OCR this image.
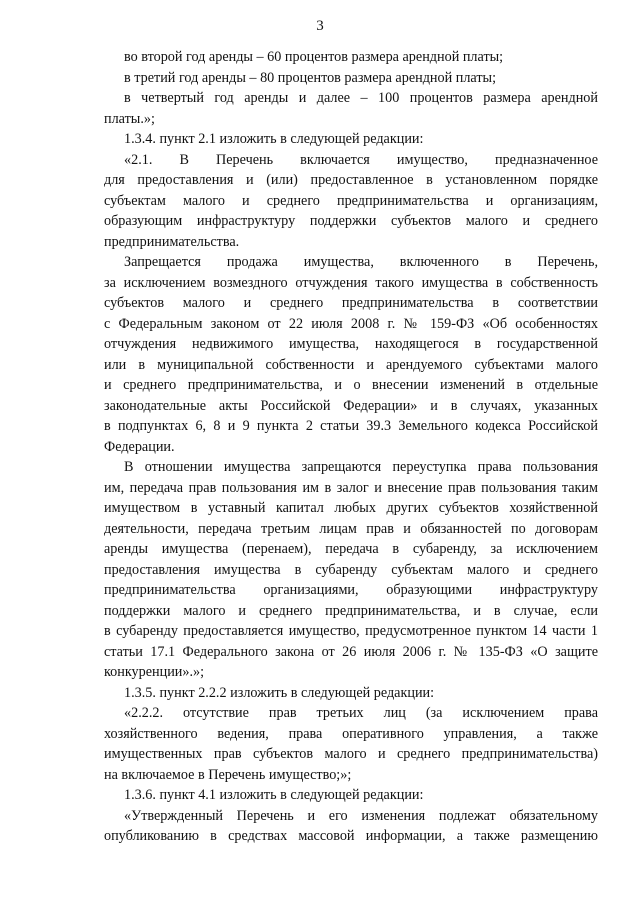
3
во второй год аренды – 60 процентов размера арендной платы;
в третий год аренды – 80 процентов размера арендной платы;
в четвертый год аренды и далее – 100 процентов размера арендной
платы.»;
1.3.4. пункт 2.1 изложить в следующей редакции:
«2.1. В Перечень включается имущество, предназначенное
для предоставления и (или) предоставленное в установленном порядке
субъектам малого и среднего предпринимательства и организациям,
образующим инфраструктуру поддержки субъектов малого и среднего
предпринимательства.
Запрещается продажа имущества, включенного в Перечень,
за исключением возмездного отчуждения такого имущества в собственность
субъектов малого и среднего предпринимательства в соответствии
с Федеральным законом от 22 июля 2008 г. № 159-ФЗ «Об особенностях
отчуждения недвижимого имущества, находящегося в государственной
или в муниципальной собственности и арендуемого субъектами малого
и среднего предпринимательства, и о внесении изменений в отдельные
законодательные акты Российской Федерации» и в случаях, указанных
в подпунктах 6, 8 и 9 пункта 2 статьи 39.3 Земельного кодекса Российской
Федерации.
В отношении имущества запрещаются переуступка права пользования
им, передача прав пользования им в залог и внесение прав пользования таким
имуществом в уставный капитал любых других субъектов хозяйственной
деятельности, передача третьим лицам прав и обязанностей по договорам
аренды имущества (перенаем), передача в субаренду, за исключением
предоставления имущества в субаренду субъектам малого и среднего
предпринимательства организациями, образующими инфраструктуру
поддержки малого и среднего предпринимательства, и в случае, если
в субаренду предоставляется имущество, предусмотренное пунктом 14 части 1
статьи 17.1 Федерального закона от 26 июля 2006 г. № 135-ФЗ «О защите
конкуренции».»;
1.3.5. пункт 2.2.2 изложить в следующей редакции:
«2.2.2. отсутствие прав третьих лиц (за исключением права
хозяйственного ведения, права оперативного управления, а также
имущественных прав субъектов малого и среднего предпринимательства)
на включаемое в Перечень имущество;»;
1.3.6. пункт 4.1 изложить в следующей редакции:
«Утвержденный Перечень и его изменения подлежат обязательному
опубликованию в средствах массовой информации, а также размещению
